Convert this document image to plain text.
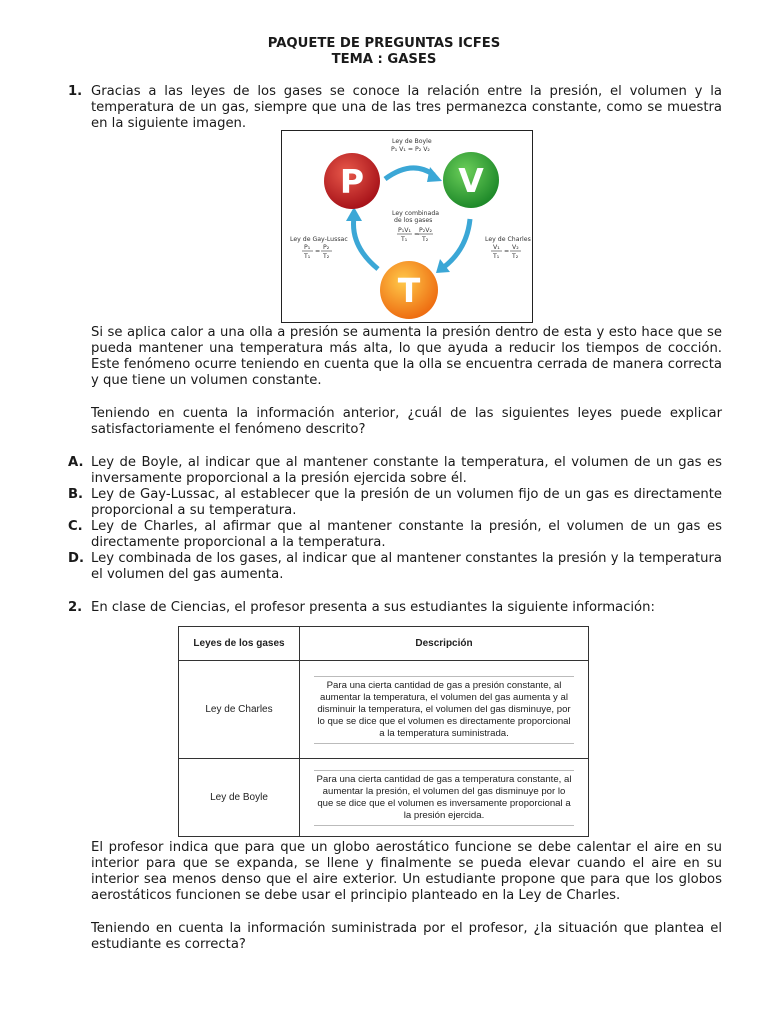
PAQUETE DE PREGUNTAS ICFES
TEMA : GASES
1. Gracias a las leyes de los gases se conoce la relación entre la presión, el volumen y la temperatura de un gas, siempre que una de las tres permanezca constante, como se muestra en la siguiente imagen.
P	V
T
Ley de Boyle
P₁ V₁ = P₂ V₂
Ley combinada
de los gases
P₁V₁
T₁
=
P₂V₂
T₂
Ley de Gay-Lussac
P₁
T₁
=
P₂
T₂
Ley de Charles
V₁
T₁
=
V₂
T₂
Si se aplica calor a una olla a presión se aumenta la presión dentro de esta y esto hace que se pueda mantener una temperatura más alta, lo que ayuda a reducir los tiempos de cocción. Este fenómeno ocurre teniendo en cuenta que la olla se encuentra cerrada de manera correcta y que tiene un volumen constante.
Teniendo en cuenta la información anterior, ¿cuál de las siguientes leyes puede explicar satisfactoriamente el fenómeno descrito?
A. Ley de Boyle, al indicar que al mantener constante la temperatura, el volumen de un gas es inversamente proporcional a la presión ejercida sobre él.
B. Ley de Gay-Lussac, al establecer que la presión de un volumen fijo de un gas es directamente proporcional a su temperatura.
C. Ley de Charles, al afirmar que al mantener constante la presión, el volumen de un gas es directamente proporcional a la temperatura.
D. Ley combinada de los gases, al indicar que al mantener constantes la presión y la temperatura el volumen del gas aumenta.
2. En clase de Ciencias, el profesor presenta a sus estudiantes la siguiente información:
Leyes de los gases	Descripción
Ley de Charles	Para una cierta cantidad de gas a presión constante, al aumentar la temperatura, el volumen del gas aumenta y al disminuir la temperatura, el volumen del gas disminuye, por lo que se dice que el volumen es directamente proporcional a la temperatura suministrada.

Ley de Boyle	Para una cierta cantidad de gas a temperatura constante, al aumentar la presión, el volumen del gas disminuye por lo que se dice que el volumen es inversamente proporcional a la presión ejercida.
El profesor indica que para que un globo aerostático funcione se debe calentar el aire en su interior para que se expanda, se llene y finalmente se pueda elevar cuando el aire en su interior sea menos denso que el aire exterior. Un estudiante propone que para que los globos aerostáticos funcionen se debe usar el principio planteado en la Ley de Charles.
Teniendo en cuenta la información suministrada por el profesor, ¿la situación que plantea el estudiante es correcta?
